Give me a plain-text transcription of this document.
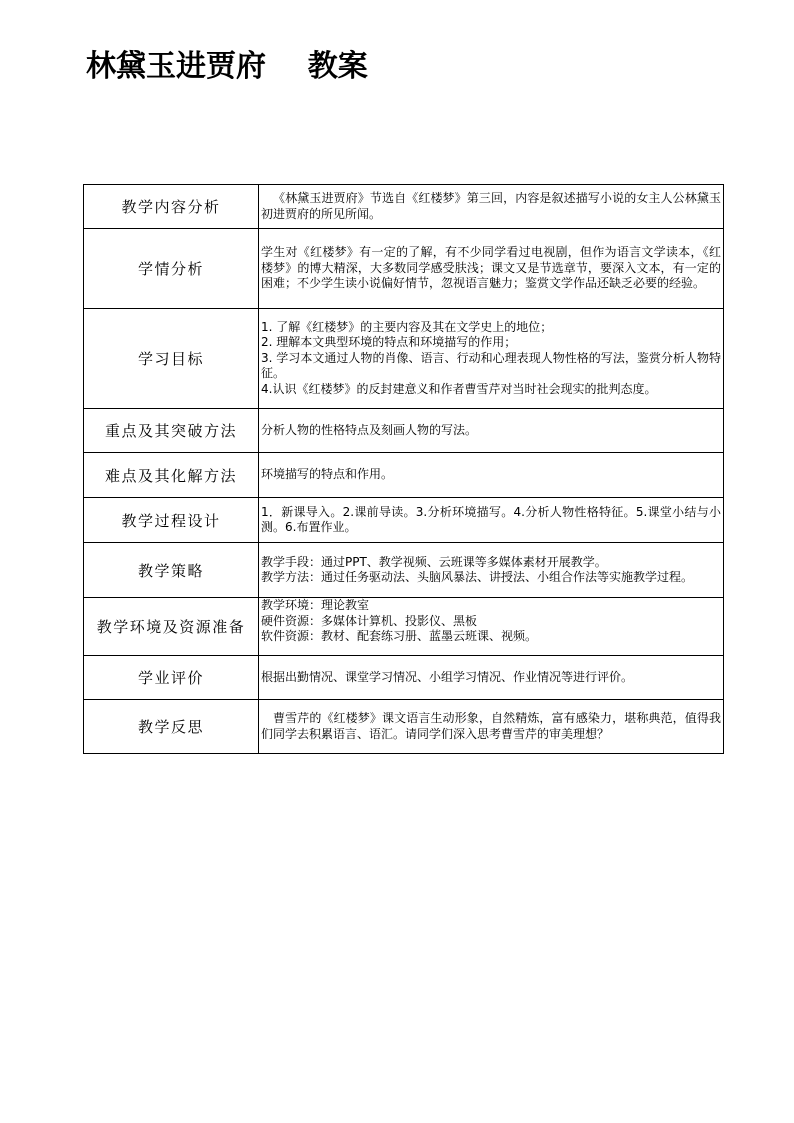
林黛玉进贾府    教案
教学内容分析	《林黛玉进贾府》节选自《红楼梦》第三回，内容是叙述描写小说的女主人公林黛玉初进贾府的所见所闻。

学情分析	学生对《红楼梦》有一定的了解，有不少同学看过电视剧，但作为语言文学读本，《红楼梦》的博大精深，大多数同学感受肤浅；课文又是节选章节，要深入文本，有一定的困难；不少学生读小说偏好情节，忽视语言魅力；鉴赏文学作品还缺乏必要的经验。

学习目标	1. 了解《红楼梦》的主要内容及其在文学史上的地位；
2. 理解本文典型环境的特点和环境描写的作用；
3. 学习本文通过人物的肖像、语言、行动和心理表现人物性格的写法，鉴赏分析人物特征。
4.认识《红楼梦》的反封建意义和作者曹雪芹对当时社会现实的批判态度。

重点及其突破方法	分析人物的性格特点及刻画人物的写法。

难点及其化解方法	环境描写的特点和作用。

教学过程设计	1．新课导入。2.课前导读。3.分析环境描写。4.分析人物性格特征。5.课堂小结与小测。6.布置作业。

教学策略	教学手段：通过PPT、教学视频、云班课等多媒体素材开展教学。
教学方法：通过任务驱动法、头脑风暴法、讲授法、小组合作法等实施教学过程。

教学环境及资源准备	教学环境：理论教室
硬件资源：多媒体计算机、投影仪、黑板
软件资源：教材、配套练习册、蓝墨云班课、视频。

学业评价	根据出勤情况、课堂学习情况、小组学习情况、作业情况等进行评价。

教学反思	曹雪芹的《红楼梦》课文语言生动形象，自然精炼，富有感染力，堪称典范，值得我们同学去积累语言、语汇。请同学们深入思考曹雪芹的审美理想？
